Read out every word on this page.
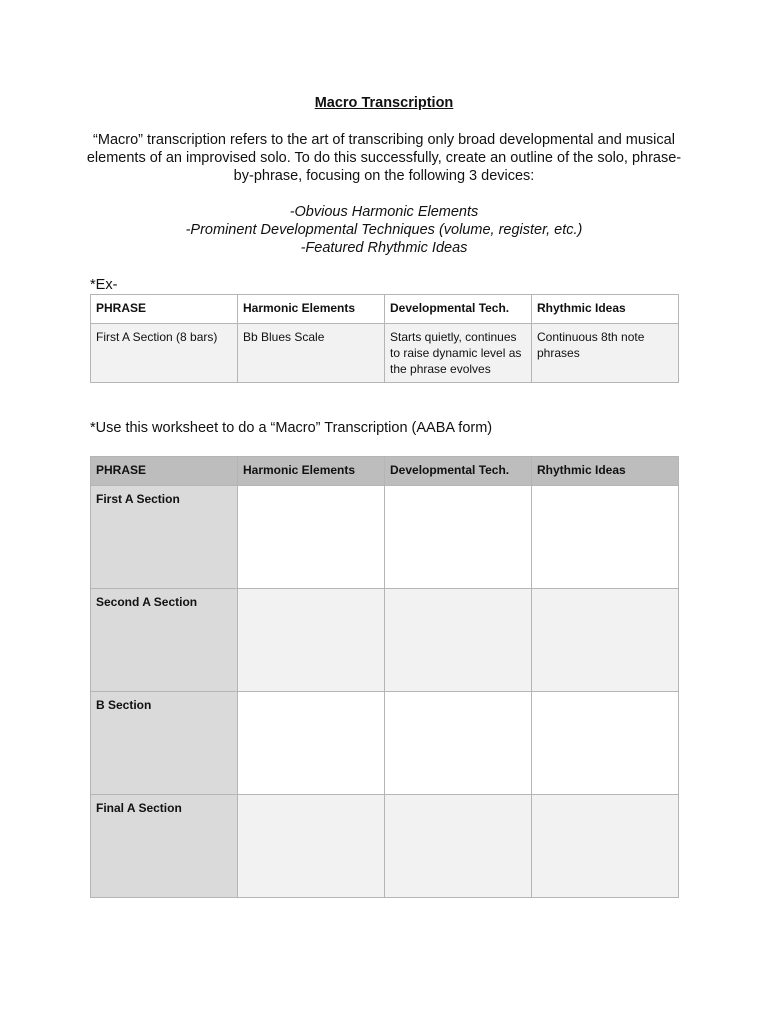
Macro Transcription

“Macro” transcription refers to the art of transcribing only broad developmental and musical elements of an improvised solo. To do this successfully, create an outline of the solo, phrase-by-phrase, focusing on the following 3 devices:

-Obvious Harmonic Elements
-Prominent Developmental Techniques (volume, register, etc.)
-Featured Rhythmic Ideas
*Ex-
PHRASE	Harmonic Elements	Developmental Tech.	Rhythmic Ideas
First A Section (8 bars)	Bb Blues Scale	Starts quietly, continues to raise dynamic level as the phrase evolves	Continuous 8th note phrases
*Use this worksheet to do a “Macro” Transcription (AABA form)
PHRASE	Harmonic Elements	Developmental Tech.	Rhythmic Ideas
First A Section			
Second A Section			
B Section			
Final A Section			
